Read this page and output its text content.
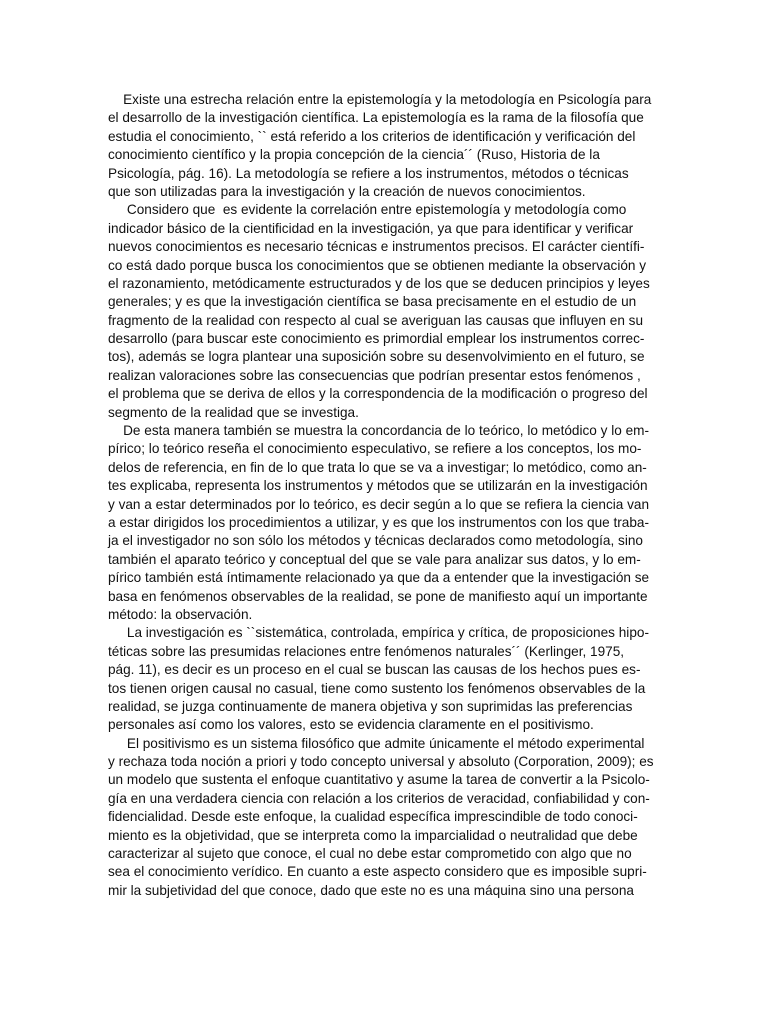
Existe una estrecha relación entre la epistemología y la metodología en Psicología para
el desarrollo de la investigación científica. La epistemología es la rama de la filosofía que
estudia el conocimiento, `` está referido a los criterios de identificación y verificación del
conocimiento científico y la propia concepción de la ciencia´´ (Ruso, Historia de la
Psicología, pág. 16). La metodología se refiere a los instrumentos, métodos o técnicas
que son utilizadas para la investigación y la creación de nuevos conocimientos.
Considero que  es evidente la correlación entre epistemología y metodología como
indicador básico de la cientificidad en la investigación, ya que para identificar y verificar
nuevos conocimientos es necesario técnicas e instrumentos precisos. El carácter científi-
co está dado porque busca los conocimientos que se obtienen mediante la observación y
el razonamiento, metódicamente estructurados y de los que se deducen principios y leyes
generales; y es que la investigación científica se basa precisamente en el estudio de un
fragmento de la realidad con respecto al cual se averiguan las causas que influyen en su
desarrollo (para buscar este conocimiento es primordial emplear los instrumentos correc-
tos), además se logra plantear una suposición sobre su desenvolvimiento en el futuro, se
realizan valoraciones sobre las consecuencias que podrían presentar estos fenómenos ,
el problema que se deriva de ellos y la correspondencia de la modificación o progreso del
segmento de la realidad que se investiga.
De esta manera también se muestra la concordancia de lo teórico, lo metódico y lo em-
pírico; lo teórico reseña el conocimiento especulativo, se refiere a los conceptos, los mo-
delos de referencia, en fin de lo que trata lo que se va a investigar; lo metódico, como an-
tes explicaba, representa los instrumentos y métodos que se utilizarán en la investigación
y van a estar determinados por lo teórico, es decir según a lo que se refiera la ciencia van
a estar dirigidos los procedimientos a utilizar, y es que los instrumentos con los que traba-
ja el investigador no son sólo los métodos y técnicas declarados como metodología, sino
también el aparato teórico y conceptual del que se vale para analizar sus datos, y lo em-
pírico también está íntimamente relacionado ya que da a entender que la investigación se
basa en fenómenos observables de la realidad, se pone de manifiesto aquí un importante
método: la observación.
La investigación es ``sistemática, controlada, empírica y crítica, de proposiciones hipo-
téticas sobre las presumidas relaciones entre fenómenos naturales´´ (Kerlinger, 1975,
pág. 11), es decir es un proceso en el cual se buscan las causas de los hechos pues es-
tos tienen origen causal no casual, tiene como sustento los fenómenos observables de la
realidad, se juzga continuamente de manera objetiva y son suprimidas las preferencias
personales así como los valores, esto se evidencia claramente en el positivismo.
El positivismo es un sistema filosófico que admite únicamente el método experimental
y rechaza toda noción a priori y todo concepto universal y absoluto (Corporation, 2009); es
un modelo que sustenta el enfoque cuantitativo y asume la tarea de convertir a la Psicolo-
gía en una verdadera ciencia con relación a los criterios de veracidad, confiabilidad y con-
fidencialidad. Desde este enfoque, la cualidad específica imprescindible de todo conoci-
miento es la objetividad, que se interpreta como la imparcialidad o neutralidad que debe
caracterizar al sujeto que conoce, el cual no debe estar comprometido con algo que no
sea el conocimiento verídico. En cuanto a este aspecto considero que es imposible supri-
mir la subjetividad del que conoce, dado que este no es una máquina sino una persona
